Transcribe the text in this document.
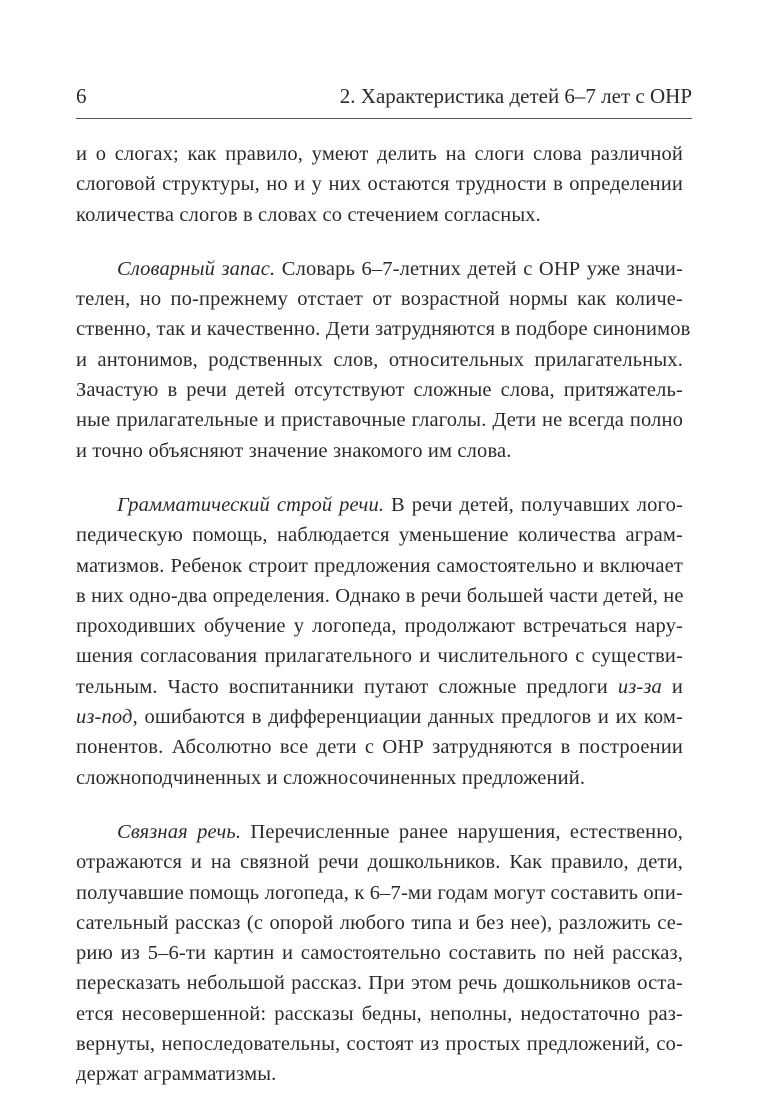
6	2. Характеристика детей 6–7 лет с ОНР
и о слогах; как правило, умеют делить на слоги слова различной
слоговой структуры, но и у них остаются трудности в определении
количества слогов в словах со стечением согласных.
Словарный запас. Словарь 6–7-летних детей с ОНР уже значи-
телен, но по-прежнему отстает от возрастной нормы как количе-
ственно, так и качественно. Дети затрудняются в подборе синонимов
и антонимов, родственных слов, относительных прилагательных.
Зачастую в речи детей отсутствуют сложные слова, притяжатель-
ные прилагательные и приставочные глаголы. Дети не всегда полно
и точно объясняют значение знакомого им слова.
Грамматический строй речи. В речи детей, получавших лого-
педическую помощь, наблюдается уменьшение количества аграм-
матизмов. Ребенок строит предложения самостоятельно и включает
в них одно-два определения. Однако в речи большей части детей, не
проходивших обучение у логопеда, продолжают встречаться нару-
шения согласования прилагательного и числительного с существи-
тельным. Часто воспитанники путают сложные предлоги из-за и
из-под, ошибаются в дифференциации данных предлогов и их ком-
понентов. Абсолютно все дети с ОНР затрудняются в построении
сложноподчиненных и сложносочиненных предложений.
Связная речь. Перечисленные ранее нарушения, естественно,
отражаются и на связной речи дошкольников. Как правило, дети,
получавшие помощь логопеда, к 6–7-ми годам могут составить опи-
сательный рассказ (с опорой любого типа и без нее), разложить се-
рию из 5–6-ти картин и самостоятельно составить по ней рассказ,
пересказать небольшой рассказ. При этом речь дошкольников оста-
ется несовершенной: рассказы бедны, неполны, недостаточно раз-
вернуты, непоследовательны, состоят из простых предложений, со-
держат аграмматизмы.
